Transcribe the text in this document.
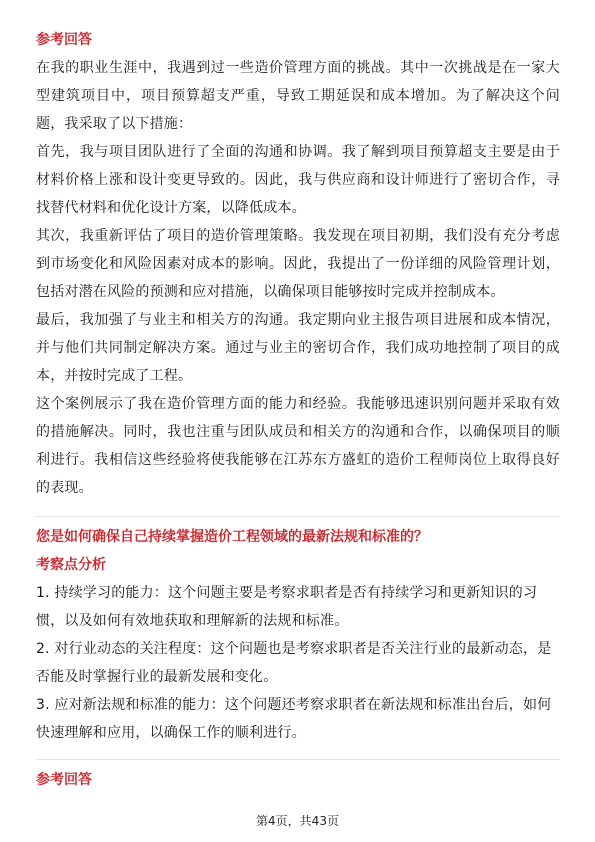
参考回答

在我的职业生涯中，我遇到过一些造价管理方面的挑战。其中一次挑战是在一家大型建筑项目中，项目预算超支严重，导致工期延误和成本增加。为了解决这个问题，我采取了以下措施：

首先，我与项目团队进行了全面的沟通和协调。我了解到项目预算超支主要是由于材料价格上涨和设计变更导致的。因此，我与供应商和设计师进行了密切合作，寻找替代材料和优化设计方案，以降低成本。

其次，我重新评估了项目的造价管理策略。我发现在项目初期，我们没有充分考虑到市场变化和风险因素对成本的影响。因此，我提出了一份详细的风险管理计划，包括对潜在风险的预测和应对措施，以确保项目能够按时完成并控制成本。

最后，我加强了与业主和相关方的沟通。我定期向业主报告项目进展和成本情况，并与他们共同制定解决方案。通过与业主的密切合作，我们成功地控制了项目的成本，并按时完成了工程。

这个案例展示了我在造价管理方面的能力和经验。我能够迅速识别问题并采取有效的措施解决。同时，我也注重与团队成员和相关方的沟通和合作，以确保项目的顺利进行。我相信这些经验将使我能够在江苏东方盛虹的造价工程师岗位上取得良好的表现。

您是如何确保自己持续掌握造价工程领域的最新法规和标准的？
考察点分析

1. 持续学习的能力：这个问题主要是考察求职者是否有持续学习和更新知识的习惯，以及如何有效地获取和理解新的法规和标准。

2. 对行业动态的关注程度：这个问题也是考察求职者是否关注行业的最新动态，是否能及时掌握行业的最新发展和变化。

3. 应对新法规和标准的能力：这个问题还考察求职者在新法规和标准出台后，如何快速理解和应用，以确保工作的顺利进行。

参考回答
第4页，共43页
